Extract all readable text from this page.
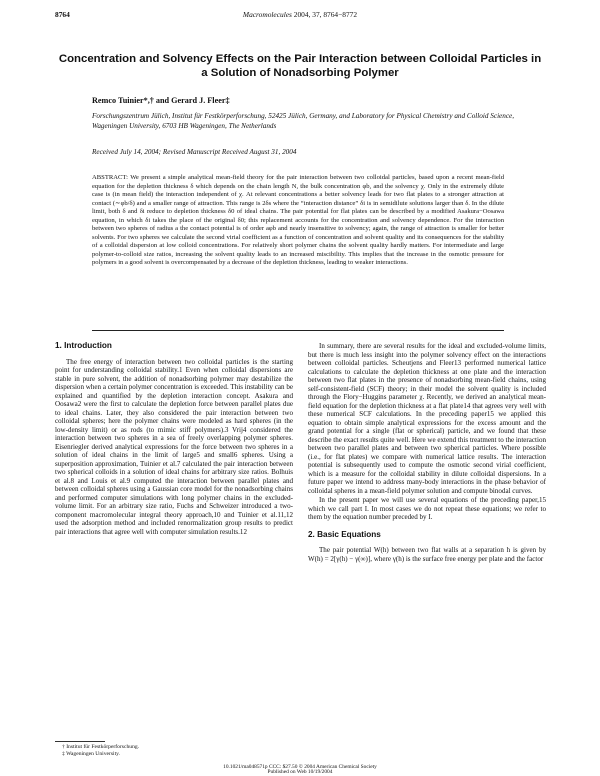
8764	Macromolecules 2004, 37, 8764−8772
Concentration and Solvency Effects on the Pair Interaction between Colloidal Particles in a Solution of Nonadsorbing Polymer
Remco Tuinier*,† and Gerard J. Fleer‡
Forschungszentrum Jülich, Institut für Festkörperforschung, 52425 Jülich, Germany, and Laboratory for Physical Chemistry and Colloid Science, Wageningen University, 6703 HB Wageningen, The Netherlands
Received July 14, 2004; Revised Manuscript Received August 31, 2004
ABSTRACT: We present a simple analytical mean-field theory for the pair interaction between two colloidal particles, based upon a recent mean-field equation for the depletion thickness δ which depends on the chain length N, the bulk concentration φb, and the solvency χ. Only in the extremely dilute case is (in mean field) the interaction independent of χ. At relevant concentrations a better solvency leads for two flat plates to a stronger attraction at contact (∼φb/δ) and a smaller range of attraction. This range is 2δs where the “interaction distance” δi is in semidilute solutions larger than δ. In the dilute limit, both δ and δi reduce to depletion thickness δ0 of ideal chains. The pair potential for flat plates can be described by a modified Asakura−Oosawa equation, in which δi takes the place of the original δ0; this replacement accounts for the concentration and solvency dependence. For the interaction between two spheres of radius a the contact potential is of order aφb and nearly insensitive to solvency; again, the range of attraction is smaller for better solvents. For two spheres we calculate the second virial coefficient as a function of concentration and solvent quality and its consequences for the stability of a colloidal dispersion at low colloid concentrations. For relatively short polymer chains the solvent quality hardly matters. For intermediate and large polymer-to-colloid size ratios, increasing the solvent quality leads to an increased miscibility. This implies that the increase in the osmotic pressure for polymers in a good solvent is overcompensated by a decrease of the depletion thickness, leading to weaker interactions.
1. Introduction

The free energy of interaction between two colloidal particles is the starting point for understanding colloidal stability.1 Even when colloidal dispersions are stable in pure solvent, the addition of nonadsorbing polymer may destabilize the dispersion when a certain polymer concentration is exceeded. This instability can be explained and quantified by the depletion interaction concept. Asakura and Oosawa2 were the first to calculate the depletion force between parallel plates due to ideal chains. Later, they also considered the pair interaction between two colloidal spheres; here the polymer chains were modeled as hard spheres (in the low-density limit) or as rods (to mimic stiff polymers).3 Vrij4 considered the interaction between two spheres in a sea of freely overlapping polymer spheres. Eisenriegler derived analytical expressions for the force between two spheres in a solution of ideal chains in the limit of large5 and small6 spheres. Using a superposition approximation, Tuinier et al.7 calculated the pair interaction between two spherical colloids in a solution of ideal chains for arbitrary size ratios. Bolhuis et al.8 and Louis et al.9 computed the interaction between parallel plates and between colloidal spheres using a Gaussian core model for the nonadsorbing chains and performed computer simulations with long polymer chains in the excluded-volume limit. For an arbitrary size ratio, Fuchs and Schweizer introduced a two-component macromolecular integral theory approach,10 and Tuinier et al.11,12 used the adsorption method and included renormalization group results to predict pair interactions that agree well with computer simulation results.12

In summary, there are several results for the ideal and excluded-volume limits, but there is much less insight into the polymer solvency effect on the interactions between colloidal particles. Scheutjens and Fleer13 performed numerical lattice calculations to calculate the depletion thickness at one plate and the interaction between two flat plates in the presence of nonadsorbing mean-field chains, using self-consistent-field (SCF) theory; in their model the solvent quality is included through the Flory−Huggins parameter χ. Recently, we derived an analytical mean-field equation for the depletion thickness at a flat plate14 that agrees very well with these numerical SCF calculations. In the preceding paper15 we applied this equation to obtain simple analytical expressions for the excess amount and the grand potential for a single (flat or spherical) particle, and we found that these describe the exact results quite well. Here we extend this treatment to the interaction between two parallel plates and between two spherical particles. Where possible (i.e., for flat plates) we compare with numerical lattice results. The interaction potential is subsequently used to compute the osmotic second virial coefficient, which is a measure for the colloidal stability in dilute colloidal dispersions. In a future paper we intend to address many-body interactions in the phase behavior of colloidal spheres in a mean-field polymer solution and compute binodal curves.

In the present paper we will use several equations of the preceding paper,15 which we call part I. In most cases we do not repeat these equations; we refer to them by the equation number preceded by I.

2. Basic Equations

The pair potential W(h) between two flat walls at a separation h is given by W(h) = 2[γ(h) − γ(∞)], where γ(h) is the surface free energy per plate and the factor

† Institut für Festkörperforschung.
‡ Wageningen University.
10.1021/ma048571p CCC: $27.50 © 2004 American Chemical Society
Published on Web 10/19/2004
